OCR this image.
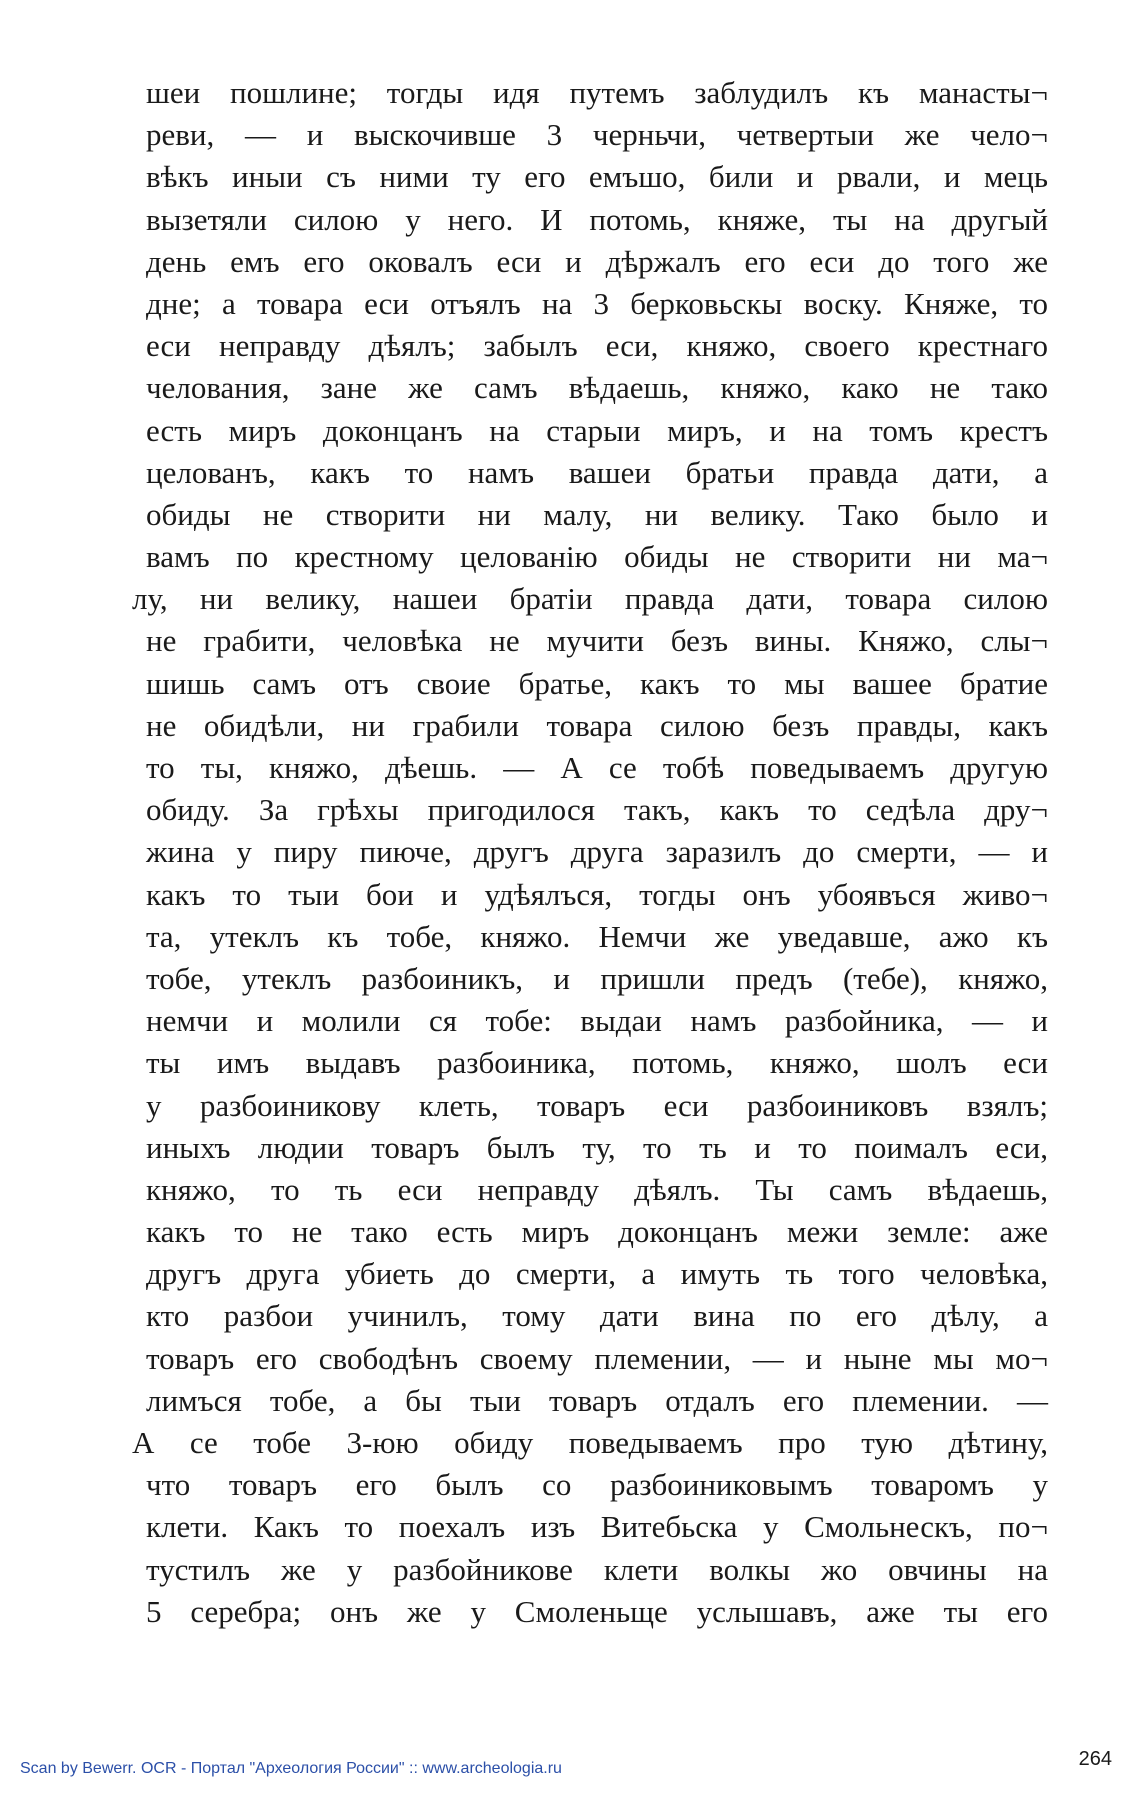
шеи пошлине; тогды идя путемъ заблудилъ къ манасты¬
реви, — и выскочивше 3 черньчи, четвертыи же чело¬
вѣкъ иныи съ ними ту его емъшо, били и рвали, и мець
вызетяли силою у него. И потомь, княже, ты на другый
день емъ его оковалъ еси и дѣржалъ его еси до того же
дне; а товара еси отъялъ на 3 берковьскы воску. Княже, то
еси неправду дѣялъ; забылъ еси, княжо, своего крестнаго
челования, зане же самъ вѣдаешь, княжо, како не тако
есть миръ доконцанъ на старыи миръ, и на томъ крестъ
целованъ, какъ то намъ вашеи братьи правда дати, а
обиды не створити ни малу, ни велику. Тако было и
вамъ по крестному целованію обиды не створити ни ма¬
лу, ни велику, нашеи братіи правда дати, товара силою
не грабити, человѣка не мучити безъ вины. Княжо, слы¬
шишь самъ отъ своие братье, какъ то мы вашее братие
не обидѣли, ни грабили товара силою безъ правды, какъ
то ты, княжо, дѣешь. — А се тобѣ поведываемъ другую
обиду. За грѣхы пригодилося такъ, какъ то седѣла дру¬
жина у пиру пиюче, другъ друга заразилъ до смерти, — и
какъ то тыи бои и удѣялъся, тогды онъ убоявъся живо¬
та, утеклъ къ тобе, княжо. Немчи же уведавше, ажо къ
тобе, утеклъ разбоиникъ, и пришли предъ (тебе), княжо,
немчи и молили ся тобе: выдаи намъ разбойника, — и
ты имъ выдавъ разбоиника, потомь, княжо, шолъ еси
у разбоиникову клеть, товаръ еси разбоиниковъ взялъ;
иныхъ людии товаръ былъ ту, то ть и то поималъ еси,
княжо, то ть еси неправду дѣялъ. Ты самъ вѣдаешь,
какъ то не тако есть миръ доконцанъ межи земле: аже
другъ друга убиеть до смерти, а имуть ть того человѣка,
кто разбои учинилъ, тому дати вина по его дѣлу, а
товаръ его свободѣнъ своему племении, — и ныне мы мо¬
лимъся тобе, а бы тыи товаръ отдалъ его племении. —
А се тобе 3-юю обиду поведываемъ про тую дѣтину,
что товаръ его былъ со разбоиниковымъ товаромъ у
клети. Какъ то поехалъ изъ Витебьска у Смольнескъ, по¬
тустилъ же у разбойникове клети волкы жо овчины на
5 серебра; онъ же у Смоленьще услышавъ, аже ты его
Scan by Bewerr. OCR - Портал "Археология России" :: www.archeologia.ru	264
